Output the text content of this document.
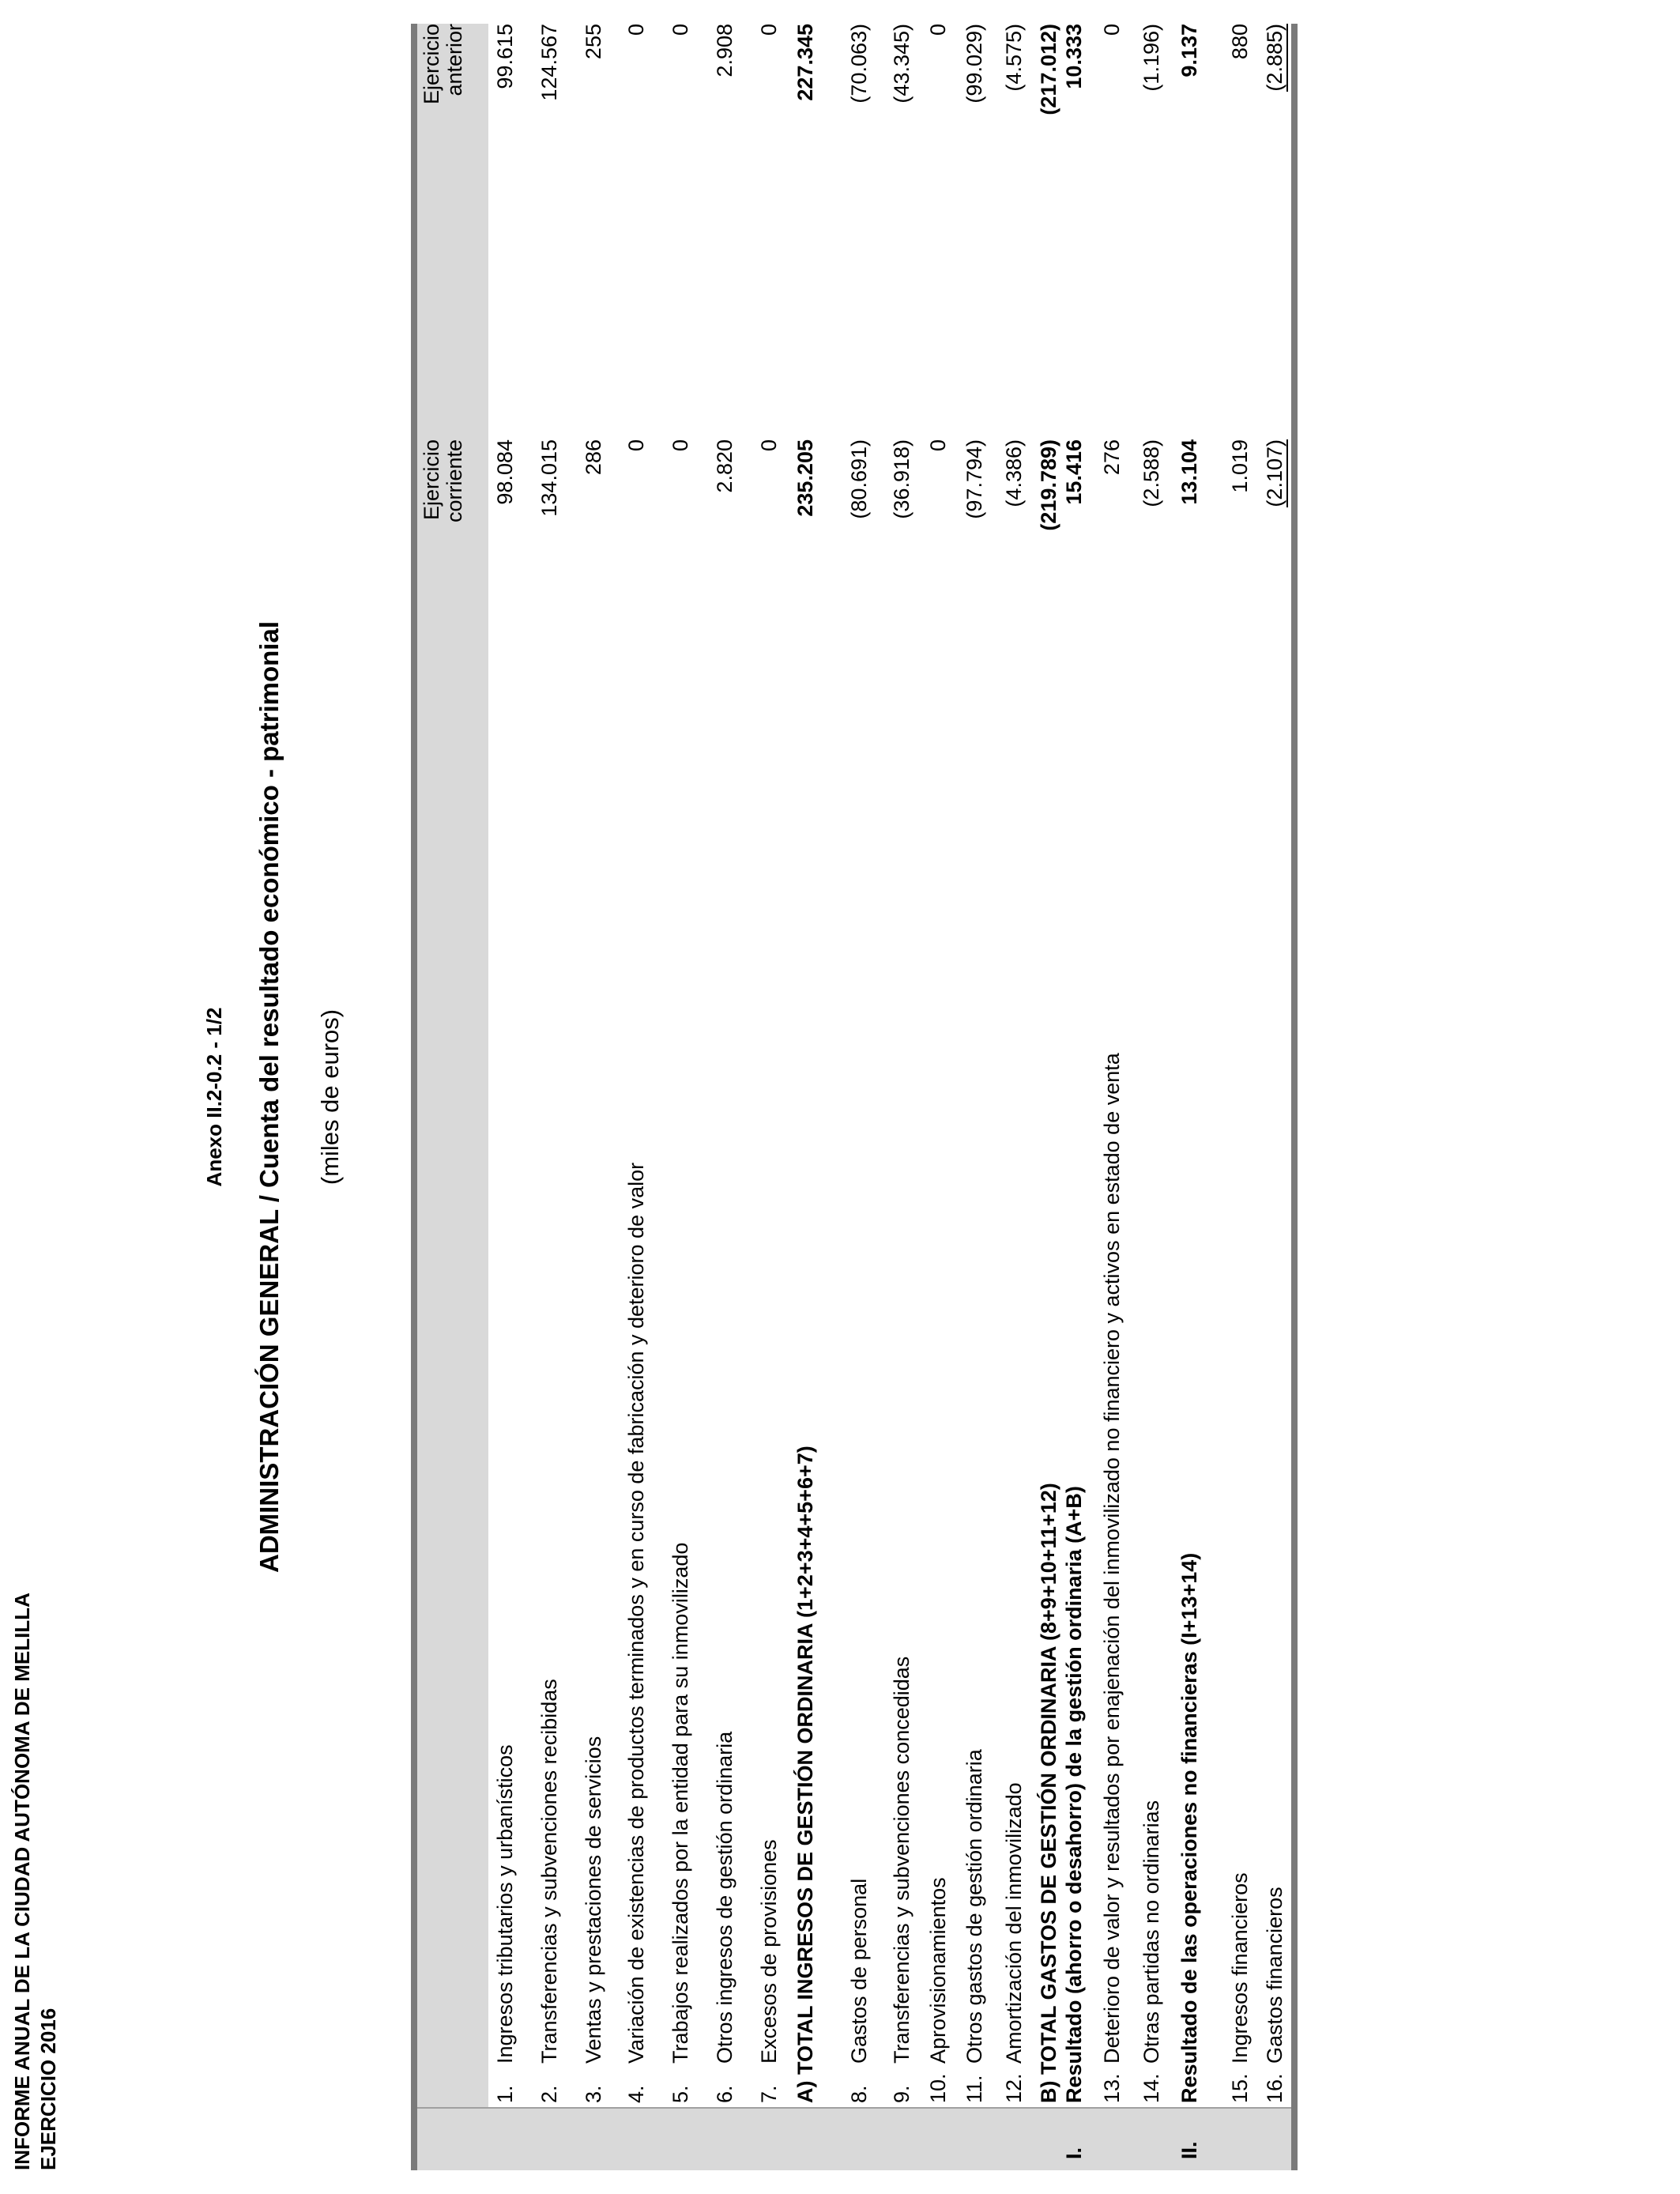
INFORME ANUAL DE LA CIUDAD AUTÓNOMA DE MELILLA EJERCICIO 2016
Anexo II.2-0.2 - 1/2 ADMINISTRACIÓN GENERAL / Cuenta del resultado económico - patrimonial (miles de euros)
Ejercicio corriente
Ejercicio anterior
1.
Ingresos tributarios y urbanísticos
98.084
99.615
2.
Transferencias y subvenciones recibidas
134.015
124.567
3.
Ventas y prestaciones de servicios
286
255
4.
Variación de existencias de productos terminados y en curso de fabricación y deterioro de valor
0
0
5.
Trabajos realizados por la entidad para su inmovilizado
0
0
6.
Otros ingresos de gestión ordinaria
2.820
2.908
7.
Excesos de provisiones
0
0
A) TOTAL INGRESOS DE GESTIÓN ORDINARIA (1+2+3+4+5+6+7)
235.205
227.345
8.
Gastos de personal
(80.691)
(70.063)
9.
Transferencias y subvenciones concedidas
(36.918)
(43.345)
10.
Aprovisionamientos
0
0
11.
Otros gastos de gestión ordinaria
(97.794)
(99.029)
12.
Amortización del inmovilizado
(4.386)
(4.575)
B) TOTAL GASTOS DE GESTIÓN ORDINARIA (8+9+10+11+12)
(219.789)
(217.012)
I.
Resultado (ahorro o desahorro) de la gestión ordinaria (A+B)
15.416
10.333
13.
Deterioro de valor y resultados por enajenación del inmovilizado no financiero y activos en estado de venta
276
0
14.
Otras partidas no ordinarias
(2.588)
(1.196)
II.
Resultado de las operaciones no financieras (I+13+14)
13.104
9.137
15.
Ingresos financieros
1.019
880
16.
Gastos financieros
(2.107)
(2.885)
